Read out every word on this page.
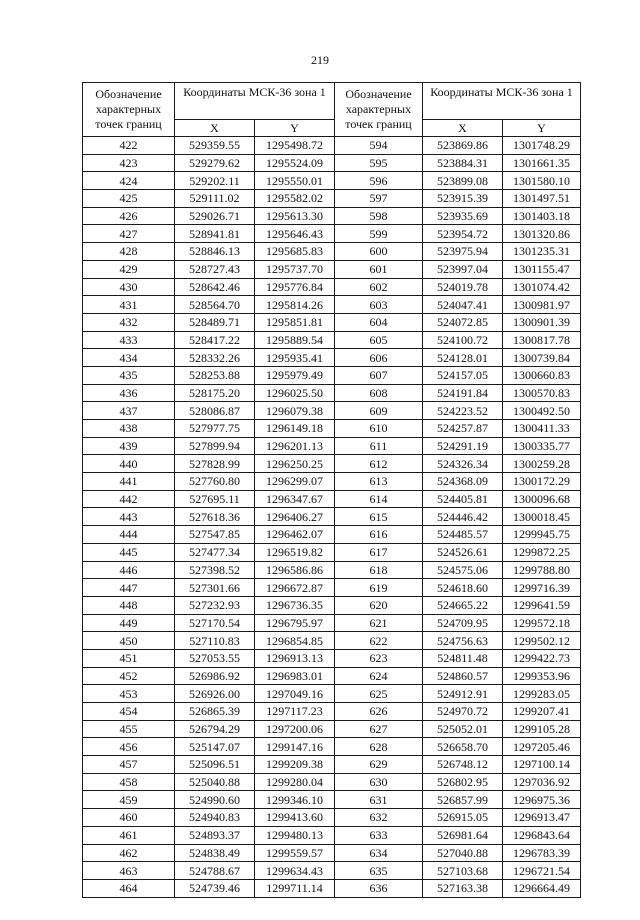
219
Обозначение характерных точек границ	Координаты МСК-36 зона 1		Обозначение характерных точек границ	Координаты МСК-36 зона 1	
	X	Y		X	Y
422	529359.55	1295498.72	594	523869.86	1301748.29
423	529279.62	1295524.09	595	523884.31	1301661.35
424	529202.11	1295550.01	596	523899.08	1301580.10
425	529111.02	1295582.02	597	523915.39	1301497.51
426	529026.71	1295613.30	598	523935.69	1301403.18
427	528941.81	1295646.43	599	523954.72	1301320.86
428	528846.13	1295685.83	600	523975.94	1301235.31
429	528727.43	1295737.70	601	523997.04	1301155.47
430	528642.46	1295776.84	602	524019.78	1301074.42
431	528564.70	1295814.26	603	524047.41	1300981.97
432	528489.71	1295851.81	604	524072.85	1300901.39
433	528417.22	1295889.54	605	524100.72	1300817.78
434	528332.26	1295935.41	606	524128.01	1300739.84
435	528253.88	1295979.49	607	524157.05	1300660.83
436	528175.20	1296025.50	608	524191.84	1300570.83
437	528086.87	1296079.38	609	524223.52	1300492.50
438	527977.75	1296149.18	610	524257.87	1300411.33
439	527899.94	1296201.13	611	524291.19	1300335.77
440	527828.99	1296250.25	612	524326.34	1300259.28
441	527760.80	1296299.07	613	524368.09	1300172.29
442	527695.11	1296347.67	614	524405.81	1300096.68
443	527618.36	1296406.27	615	524446.42	1300018.45
444	527547.85	1296462.07	616	524485.57	1299945.75
445	527477.34	1296519.82	617	524526.61	1299872.25
446	527398.52	1296586.86	618	524575.06	1299788.80
447	527301.66	1296672.87	619	524618.60	1299716.39
448	527232.93	1296736.35	620	524665.22	1299641.59
449	527170.54	1296795.97	621	524709.95	1299572.18
450	527110.83	1296854.85	622	524756.63	1299502.12
451	527053.55	1296913.13	623	524811.48	1299422.73
452	526986.92	1296983.01	624	524860.57	1299353.96
453	526926.00	1297049.16	625	524912.91	1299283.05
454	526865.39	1297117.23	626	524970.72	1299207.41
455	526794.29	1297200.06	627	525052.01	1299105.28
456	525147.07	1299147.16	628	526658.70	1297205.46
457	525096.51	1299209.38	629	526748.12	1297100.14
458	525040.88	1299280.04	630	526802.95	1297036.92
459	524990.60	1299346.10	631	526857.99	1296975.36
460	524940.83	1299413.60	632	526915.05	1296913.47
461	524893.37	1299480.13	633	526981.64	1296843.64
462	524838.49	1299559.57	634	527040.88	1296783.39
463	524788.67	1299634.43	635	527103.68	1296721.54
464	524739.46	1299711.14	636	527163.38	1296664.49
